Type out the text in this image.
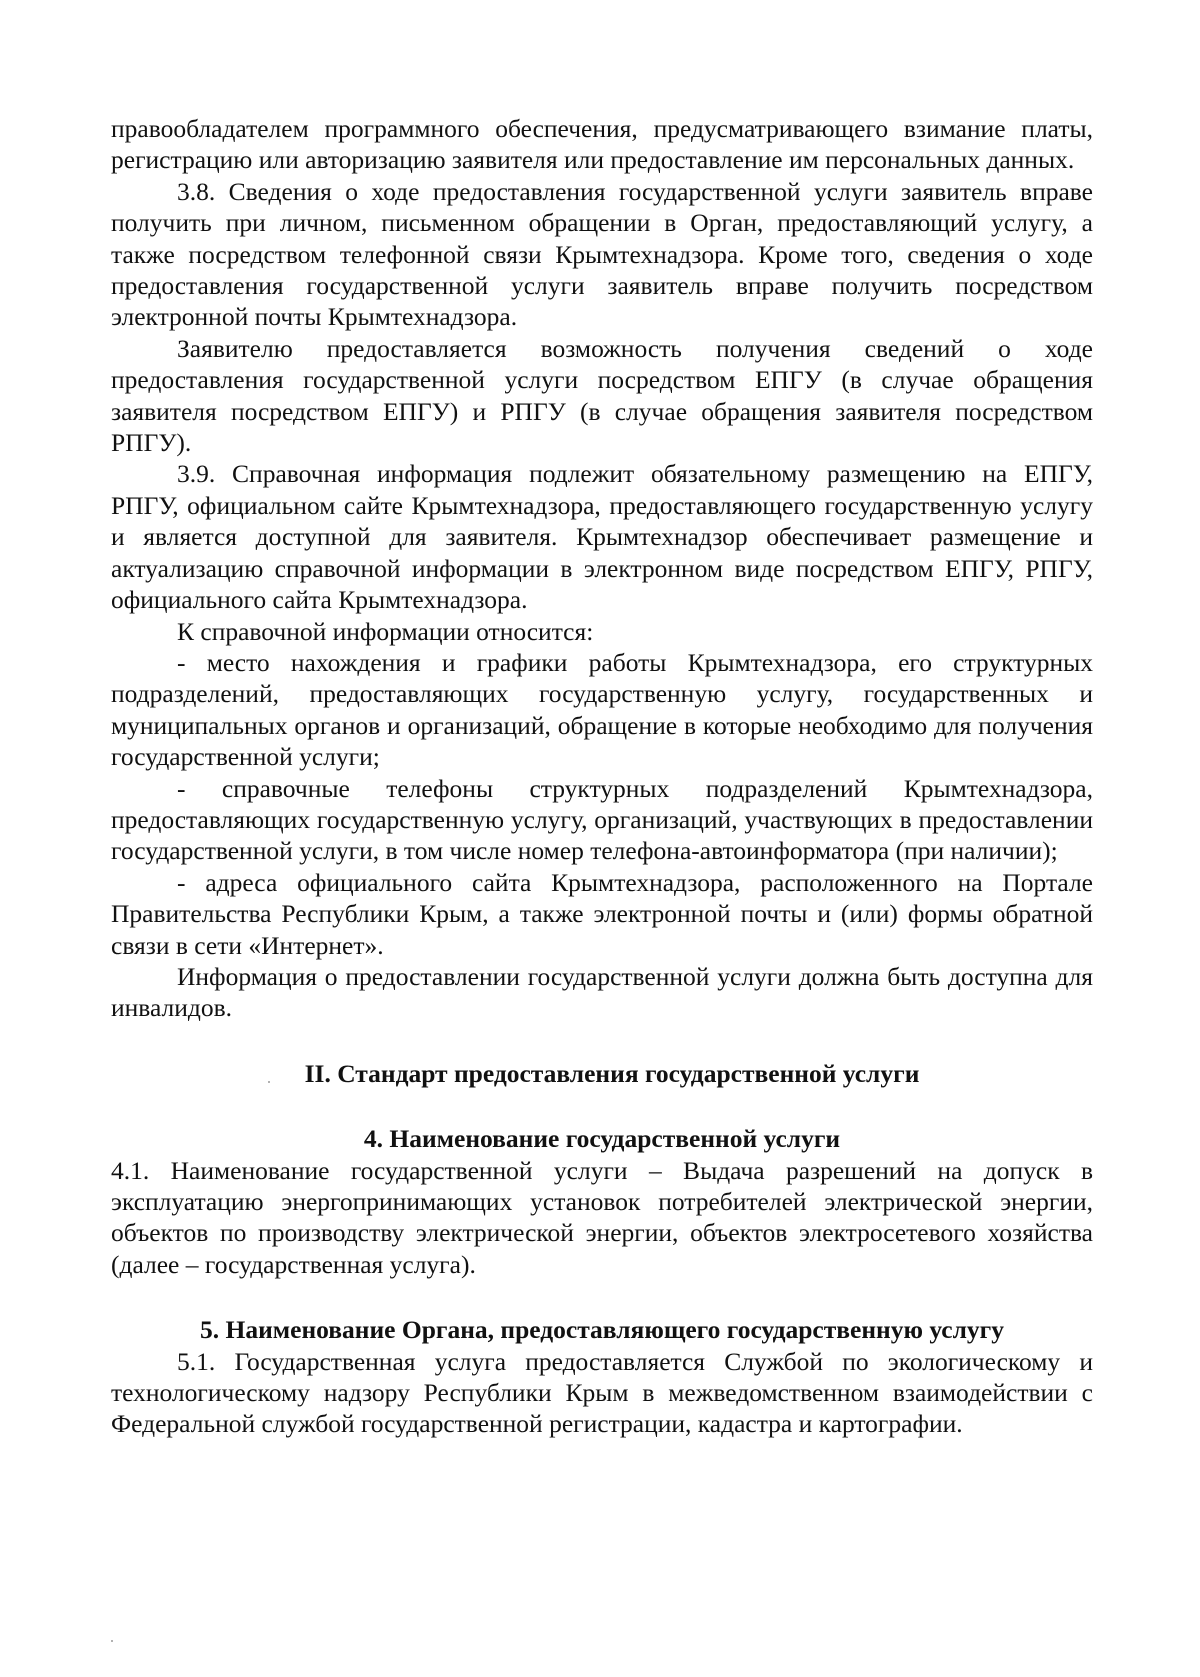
правообладателем программного обеспечения, предусматривающего взимание платы, регистрацию или авторизацию заявителя или предоставление им персональных данных.

3.8. Сведения о ходе предоставления государственной услуги заявитель вправе получить при личном, письменном обращении в Орган, предоставляющий услугу, а также посредством телефонной связи Крымтехнадзора. Кроме того, сведения о ходе предоставления государственной услуги заявитель вправе получить посредством электронной почты Крымтехнадзора.

Заявителю предоставляется возможность получения сведений о ходе предоставления государственной услуги посредством ЕПГУ (в случае обращения заявителя посредством ЕПГУ) и РПГУ (в случае обращения заявителя посредством РПГУ).

3.9. Справочная информация подлежит обязательному размещению на ЕПГУ, РПГУ, официальном сайте Крымтехнадзора, предоставляющего государственную услугу и является доступной для заявителя. Крымтехнадзор обеспечивает размещение и актуализацию справочной информации в электронном виде посредством ЕПГУ, РПГУ, официального сайта Крымтехнадзора.

К справочной информации относится:

- место нахождения и графики работы Крымтехнадзора, его структурных подразделений, предоставляющих государственную услугу, государственных и муниципальных органов и организаций, обращение в которые необходимо для получения государственной услуги;

- справочные телефоны структурных подразделений Крымтехнадзора, предоставляющих государственную услугу, организаций, участвующих в предоставлении государственной услуги, в том числе номер телефона-автоинформатора (при наличии);

- адреса официального сайта Крымтехнадзора, расположенного на Портале Правительства Республики Крым, а также электронной почты и (или) формы обратной связи в сети «Интернет».

Информация о предоставлении государственной услуги должна быть доступна для инвалидов.

II. Стандарт предоставления государственной услуги

4. Наименование государственной услуги

4.1. Наименование государственной услуги – Выдача разрешений на допуск в эксплуатацию энергопринимающих установок потребителей электрической энергии, объектов по производству электрической энергии, объектов электросетевого хозяйства (далее – государственная услуга).

5. Наименование Органа, предоставляющего государственную услугу

5.1. Государственная услуга предоставляется Службой по экологическому и технологическому надзору Республики Крым в межведомственном взаимодействии с Федеральной службой государственной регистрации, кадастра и картографии.
